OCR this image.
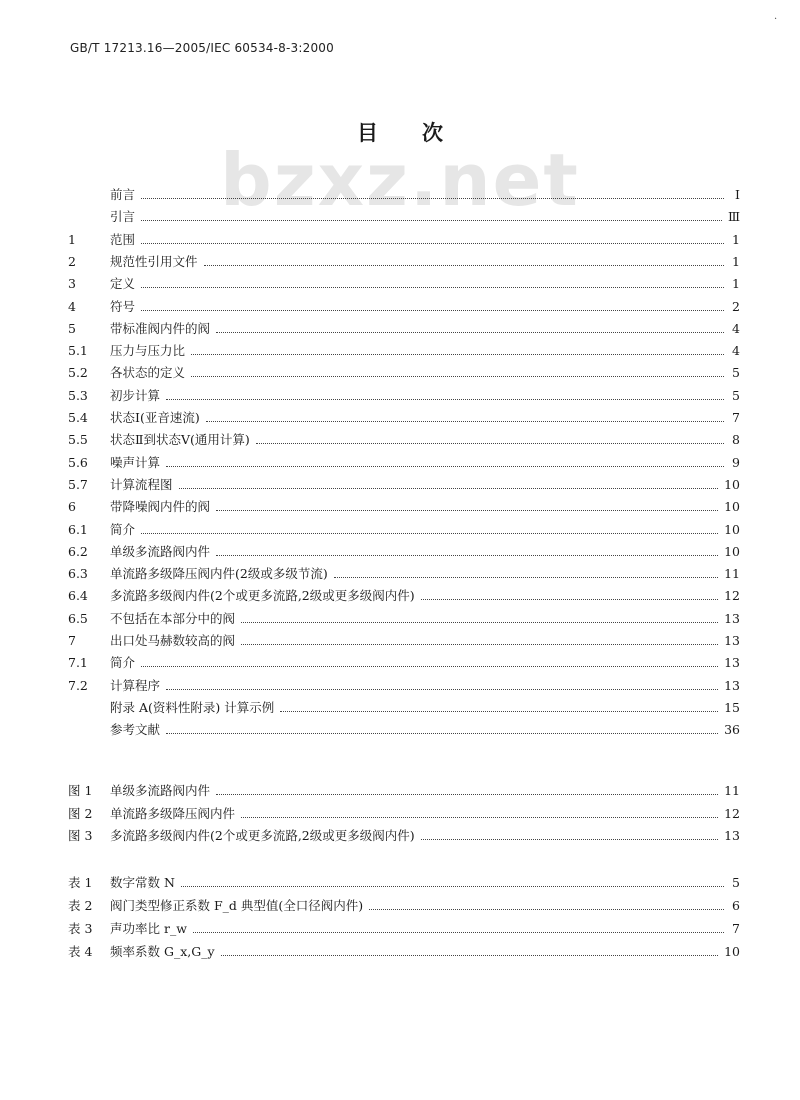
·
GB/T 17213.16—2005/IEC 60534-8-3:2000
bzxz.net
目 次
前言	I
引言	Ⅲ
1	范围	1
2	规范性引用文件	1
3	定义	1
4	符号	2
5	带标准阀内件的阀	4
5.1	压力与压力比	4
5.2	各状态的定义	5
5.3	初步计算	5
5.4	状态Ⅰ(亚音速流)	7
5.5	状态Ⅱ到状态Ⅴ(通用计算)	8
5.6	噪声计算	9
5.7	计算流程图	10
6	带降噪阀内件的阀	10
6.1	简介	10
6.2	单级多流路阀内件	10
6.3	单流路多级降压阀内件(2级或多级节流)	11
6.4	多流路多级阀内件(2个或更多流路,2级或更多级阀内件)	12
6.5	不包括在本部分中的阀	13
7	出口处马赫数较高的阀	13
7.1	简介	13
7.2	计算程序	13
附录 A(资料性附录) 计算示例	15
参考文献	36
图 1	单级多流路阀内件	11
图 2	单流路多级降压阀内件	12
图 3	多流路多级阀内件(2个或更多流路,2级或更多级阀内件)	13
表 1	数字常数 N	5
表 2	阀门类型修正系数 F_d 典型值(全口径阀内件)	6
表 3	声功率比 r_w	7
表 4	频率系数 G_x,G_y	10
